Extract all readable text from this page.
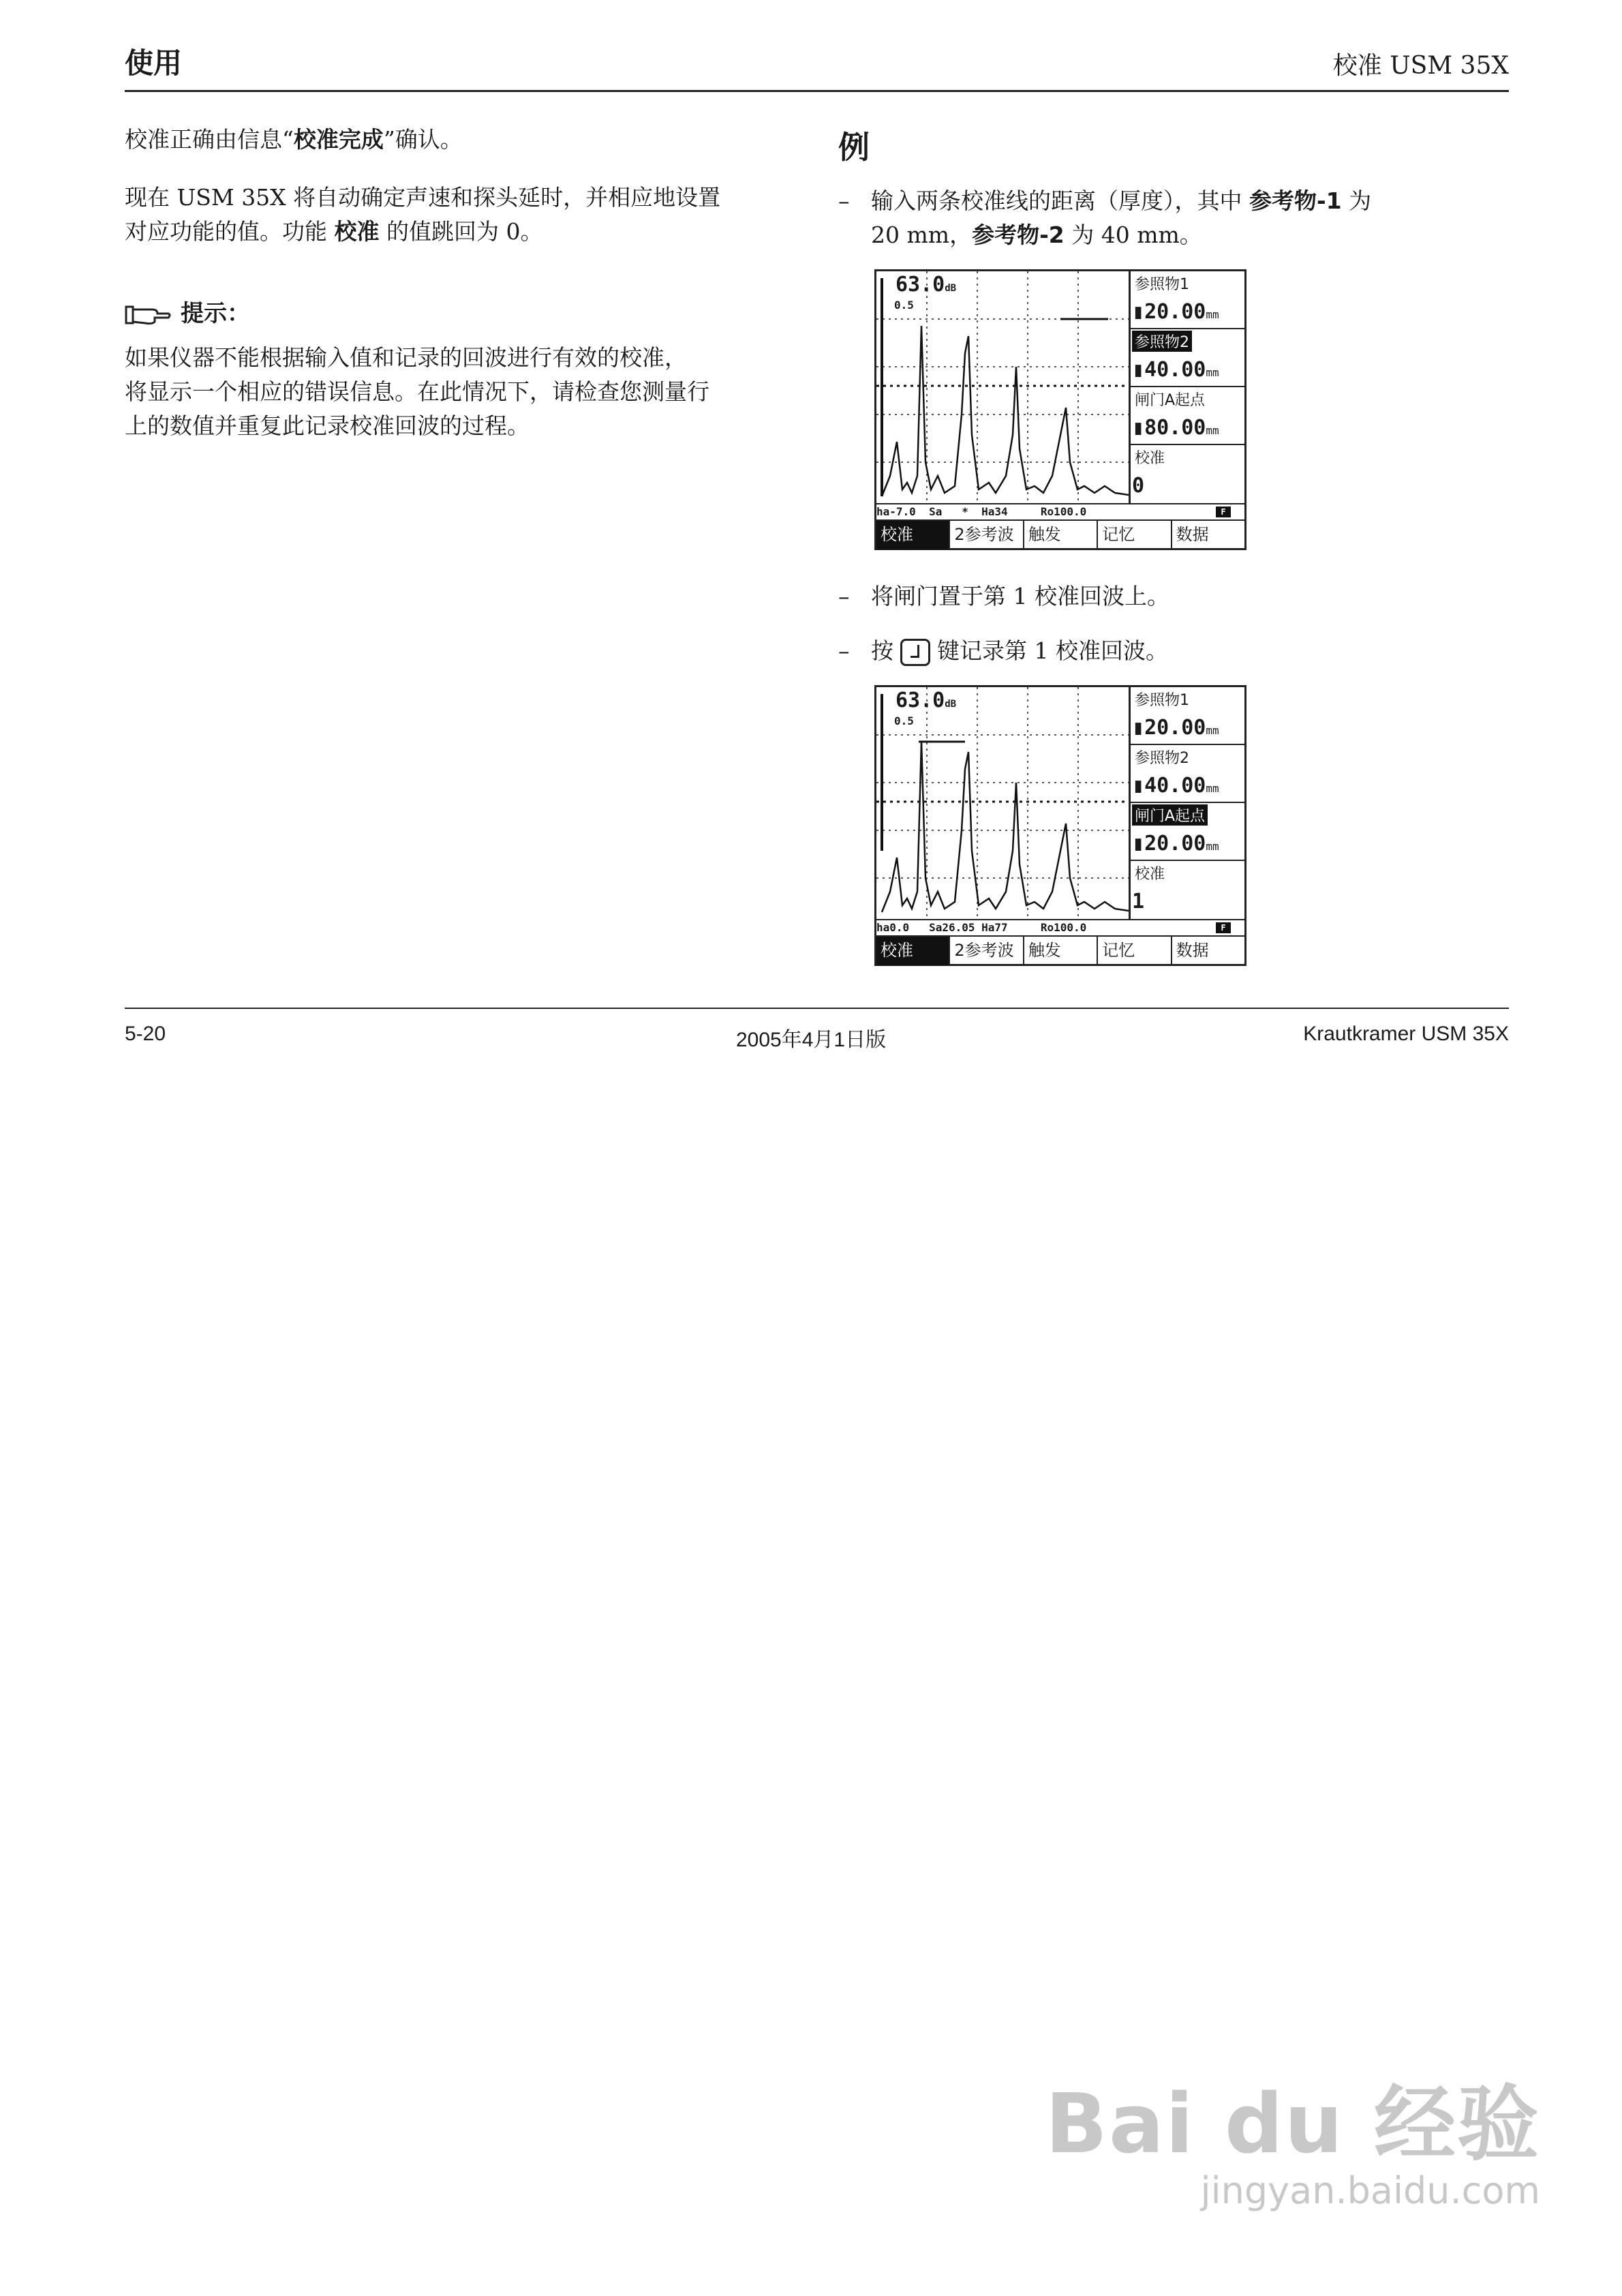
使用	校准 USM 35X
校准正确由信息“校准完成”确认。
现在 USM 35X 将自动确定声速和探头延时，并相应地设置
对应功能的值。功能 校准 的值跳回为 0。
提示：
如果仪器不能根据输入值和记录的回波进行有效的校准，
将显示一个相应的错误信息。在此情况下，请检查您测量行
上的数值并重复此记录校准回波的过程。
例
– 输入两条校准线的距离（厚度），其中 参考物-1 为
20 mm，参考物-2 为 40 mm。
63.0dB
0.5
参照物1
▮20.00mm
参照物2
▮40.00mm
闸门A起点
▮80.00mm
校准
0
ha-7.0  Sa   *  Ha34     Ro100.0	F
校准	2参考波 触发	记忆	数据
– 将闸门置于第 1 校准回波上。
– 按 键记录第 1 校准回波。
63.0dB
0.5
参照物1
▮20.00mm
参照物2
▮40.00mm
闸门A起点
▮20.00mm
校准
1
ha0.0   Sa26.05 Ha77     Ro100.0	F
校准	2参考波 触发	记忆	数据
5-20	2005年4月1日版	Krautkramer USM 35X
Bai du 经验
jingyan.baidu.com
